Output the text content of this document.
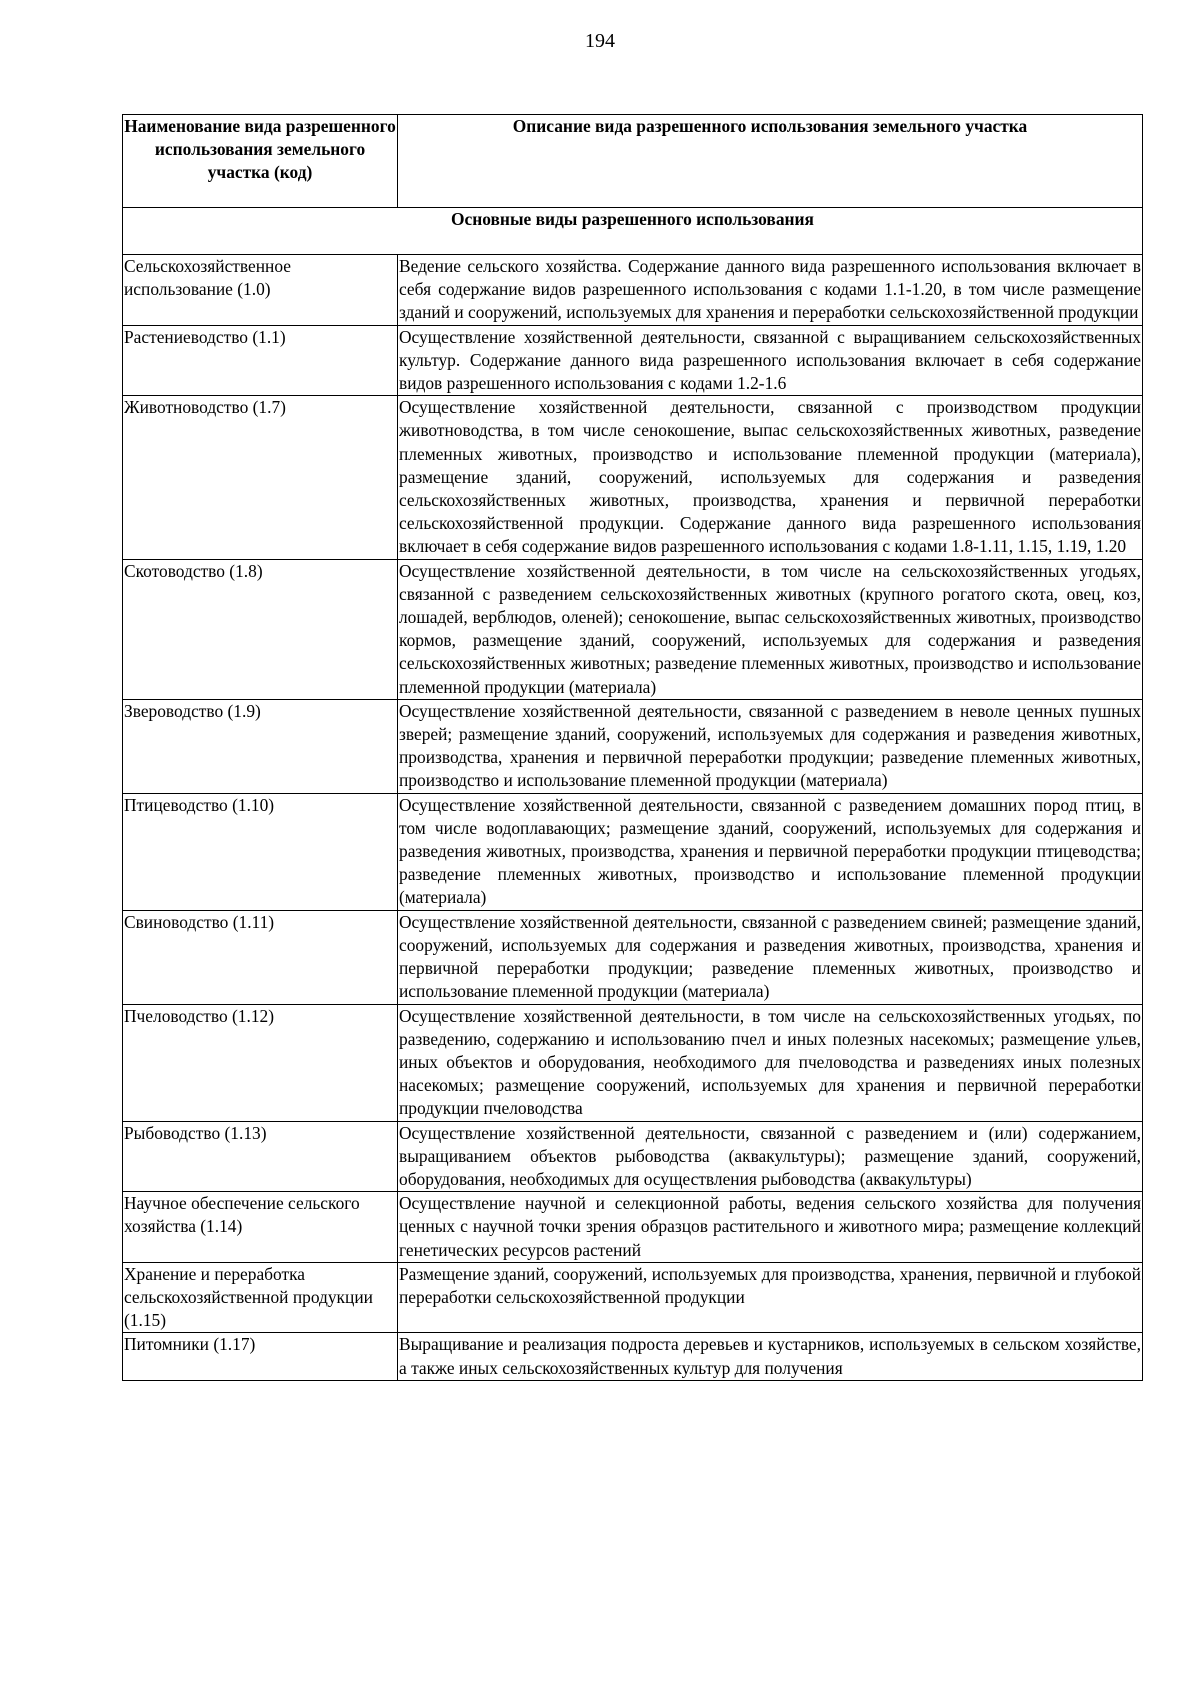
194
Наименование вида разрешенного использования земельного участка (код)	Описание вида разрешенного использования земельного участка
Основные виды разрешенного использования	
Сельскохозяйственное использование (1.0)	Ведение сельского хозяйства. Содержание данного вида разрешенного использования включает в себя содержание видов разрешенного использования с кодами 1.1-1.20, в том числе размещение зданий и сооружений, используемых для хранения и переработки сельскохозяйственной продукции
Растениеводство (1.1)	Осуществление хозяйственной деятельности, связанной с выращиванием сельскохозяйственных культур. Содержание данного вида разрешенного использования включает в себя содержание видов разрешенного использования с кодами 1.2-1.6
Животноводство (1.7)	Осуществление хозяйственной деятельности, связанной с производством продукции животноводства, в том числе сенокошение, выпас сельскохозяйственных животных, разведение племенных животных, производство и использование племенной продукции (материала), размещение зданий, сооружений, используемых для содержания и разведения сельскохозяйственных животных, производства, хранения и первичной переработки сельскохозяйственной продукции. Содержание данного вида разрешенного использования включает в себя содержание видов разрешенного использования с кодами 1.8-1.11, 1.15, 1.19, 1.20
Скотоводство (1.8)	Осуществление хозяйственной деятельности, в том числе на сельскохозяйственных угодьях, связанной с разведением сельскохозяйственных животных (крупного рогатого скота, овец, коз, лошадей, верблюдов, оленей); сенокошение, выпас сельскохозяйственных животных, производство кормов, размещение зданий, сооружений, используемых для содержания и разведения сельскохозяйственных животных; разведение племенных животных, производство и использование племенной продукции (материала)
Звероводство (1.9)	Осуществление хозяйственной деятельности, связанной с разведением в неволе ценных пушных зверей; размещение зданий, сооружений, используемых для содержания и разведения животных, производства, хранения и первичной переработки продукции; разведение племенных животных, производство и использование племенной продукции (материала)
Птицеводство (1.10)	Осуществление хозяйственной деятельности, связанной с разведением домашних пород птиц, в том числе водоплавающих; размещение зданий, сооружений, используемых для содержания и разведения животных, производства, хранения и первичной переработки продукции птицеводства; разведение племенных животных, производство и использование племенной продукции (материала)
Свиноводство (1.11)	Осуществление хозяйственной деятельности, связанной с разведением свиней; размещение зданий, сооружений, используемых для содержания и разведения животных, производства, хранения и первичной переработки продукции; разведение племенных животных, производство и использование племенной продукции (материала)
Пчеловодство (1.12)	Осуществление хозяйственной деятельности, в том числе на сельскохозяйственных угодьях, по разведению, содержанию и использованию пчел и иных полезных насекомых; размещение ульев, иных объектов и оборудования, необходимого для пчеловодства и разведениях иных полезных насекомых; размещение сооружений, используемых для хранения и первичной переработки продукции пчеловодства
Рыбоводство (1.13)	Осуществление хозяйственной деятельности, связанной с разведением и (или) содержанием, выращиванием объектов рыбоводства (аквакультуры); размещение зданий, сооружений, оборудования, необходимых для осуществления рыбоводства (аквакультуры)
Научное обеспечение сельского хозяйства (1.14)	Осуществление научной и селекционной работы, ведения сельского хозяйства для получения ценных с научной точки зрения образцов растительного и животного мира; размещение коллекций генетических ресурсов растений
Хранение и переработка сельскохозяйственной продукции (1.15)	Размещение зданий, сооружений, используемых для производства, хранения, первичной и глубокой переработки сельскохозяйственной продукции
Питомники (1.17)	Выращивание и реализация подроста деревьев и кустарников, используемых в сельском хозяйстве, а также иных сельскохозяйственных культур для получения
